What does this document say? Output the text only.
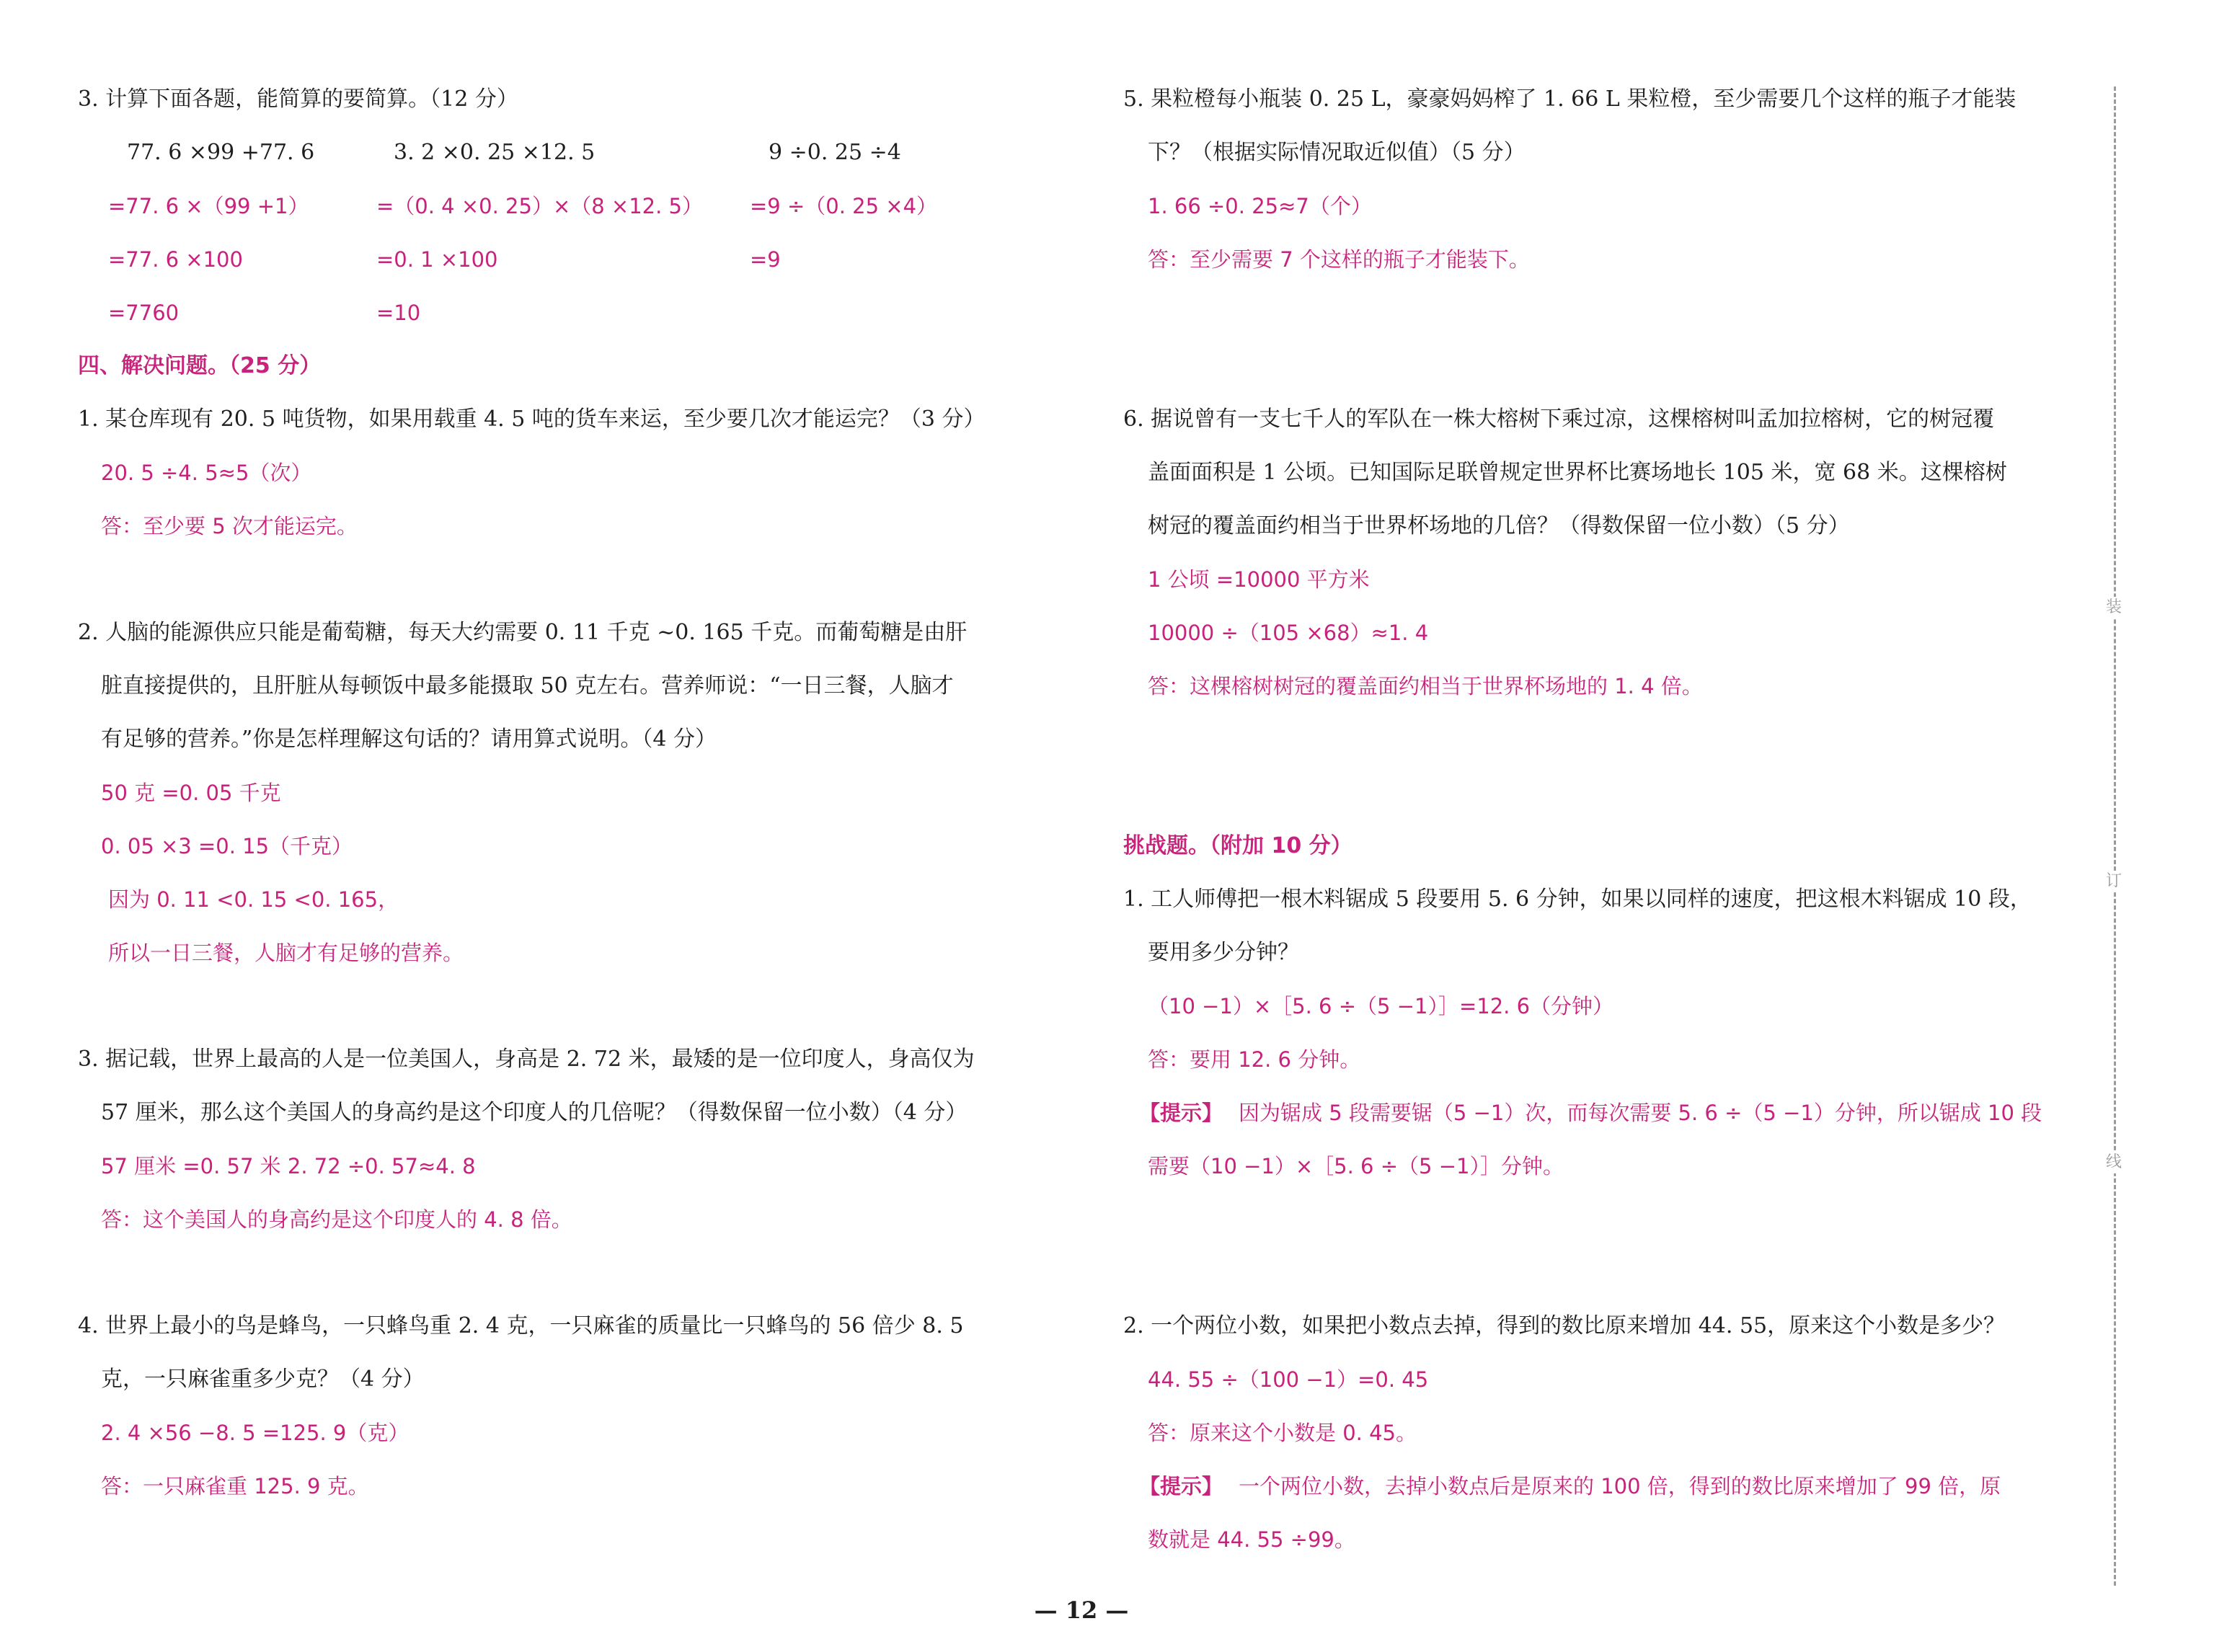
3. 计算下面各题，能简算的要简算。（12 分）
77. 6 ×99 +77. 6
=77. 6 ×（99 +1）
=77. 6 ×100
=7760
3. 2 ×0. 25 ×12. 5
=（0. 4 ×0. 25）×（8 ×12. 5）
=0. 1 ×100
=10
9 ÷0. 25 ÷4
=9 ÷（0. 25 ×4）
=9
四、解决问题。（25 分）
1. 某仓库现有 20. 5 吨货物，如果用载重 4. 5 吨的货车来运，至少要几次才能运完？（3 分）
20. 5 ÷4. 5≈5（次）
答：至少要 5 次才能运完。
2. 人脑的能源供应只能是葡萄糖，每天大约需要 0. 11 千克 ~0. 165 千克。而葡萄糖是由肝
脏直接提供的，且肝脏从每顿饭中最多能摄取 50 克左右。营养师说：“一日三餐，人脑才
有足够的营养。”你是怎样理解这句话的？请用算式说明。（4 分）
50 克 =0. 05 千克
0. 05 ×3 =0. 15（千克）
因为 0. 11 <0. 15 <0. 165，
所以一日三餐，人脑才有足够的营养。
3. 据记载，世界上最高的人是一位美国人，身高是 2. 72 米，最矮的是一位印度人，身高仅为
57 厘米，那么这个美国人的身高约是这个印度人的几倍呢？（得数保留一位小数）（4 分）
57 厘米 =0. 57 米 2. 72 ÷0. 57≈4. 8
答：这个美国人的身高约是这个印度人的 4. 8 倍。
4. 世界上最小的鸟是蜂鸟，一只蜂鸟重 2. 4 克，一只麻雀的质量比一只蜂鸟的 56 倍少 8. 5
克，一只麻雀重多少克？（4 分）
2. 4 ×56 −8. 5 =125. 9（克）
答：一只麻雀重 125. 9 克。
5. 果粒橙每小瓶装 0. 25 L，豪豪妈妈榨了 1. 66 L 果粒橙，至少需要几个这样的瓶子才能装
下？（根据实际情况取近似值）（5 分）
1. 66 ÷0. 25≈7（个）
答：至少需要 7 个这样的瓶子才能装下。
6. 据说曾有一支七千人的军队在一株大榕树下乘过凉，这棵榕树叫孟加拉榕树，它的树冠覆
盖面面积是 1 公顷。已知国际足联曾规定世界杯比赛场地长 105 米，宽 68 米。这棵榕树
树冠的覆盖面约相当于世界杯场地的几倍？（得数保留一位小数）（5 分）
1 公顷 =10000 平方米
10000 ÷（105 ×68）≈1. 4
答：这棵榕树树冠的覆盖面约相当于世界杯场地的 1. 4 倍。
挑战题。（附加 10 分）
1. 工人师傅把一根木料锯成 5 段要用 5. 6 分钟，如果以同样的速度，把这根木料锯成 10 段，
要用多少分钟？
（10 −1）×［5. 6 ÷（5 −1）］=12. 6（分钟）
答：要用 12. 6 分钟。
【提示】 因为锯成 5 段需要锯（5 −1）次，而每次需要 5. 6 ÷（5 −1）分钟，所以锯成 10 段
需要（10 −1）×［5. 6 ÷（5 −1）］分钟。
2. 一个两位小数，如果把小数点去掉，得到的数比原来增加 44. 55，原来这个小数是多少？
44. 55 ÷（100 −1）=0. 45
答：原来这个小数是 0. 45。
【提示】 一个两位小数，去掉小数点后是原来的 100 倍，得到的数比原来增加了 99 倍，原
数就是 44. 55 ÷99。
装
订
线
— 12 —
